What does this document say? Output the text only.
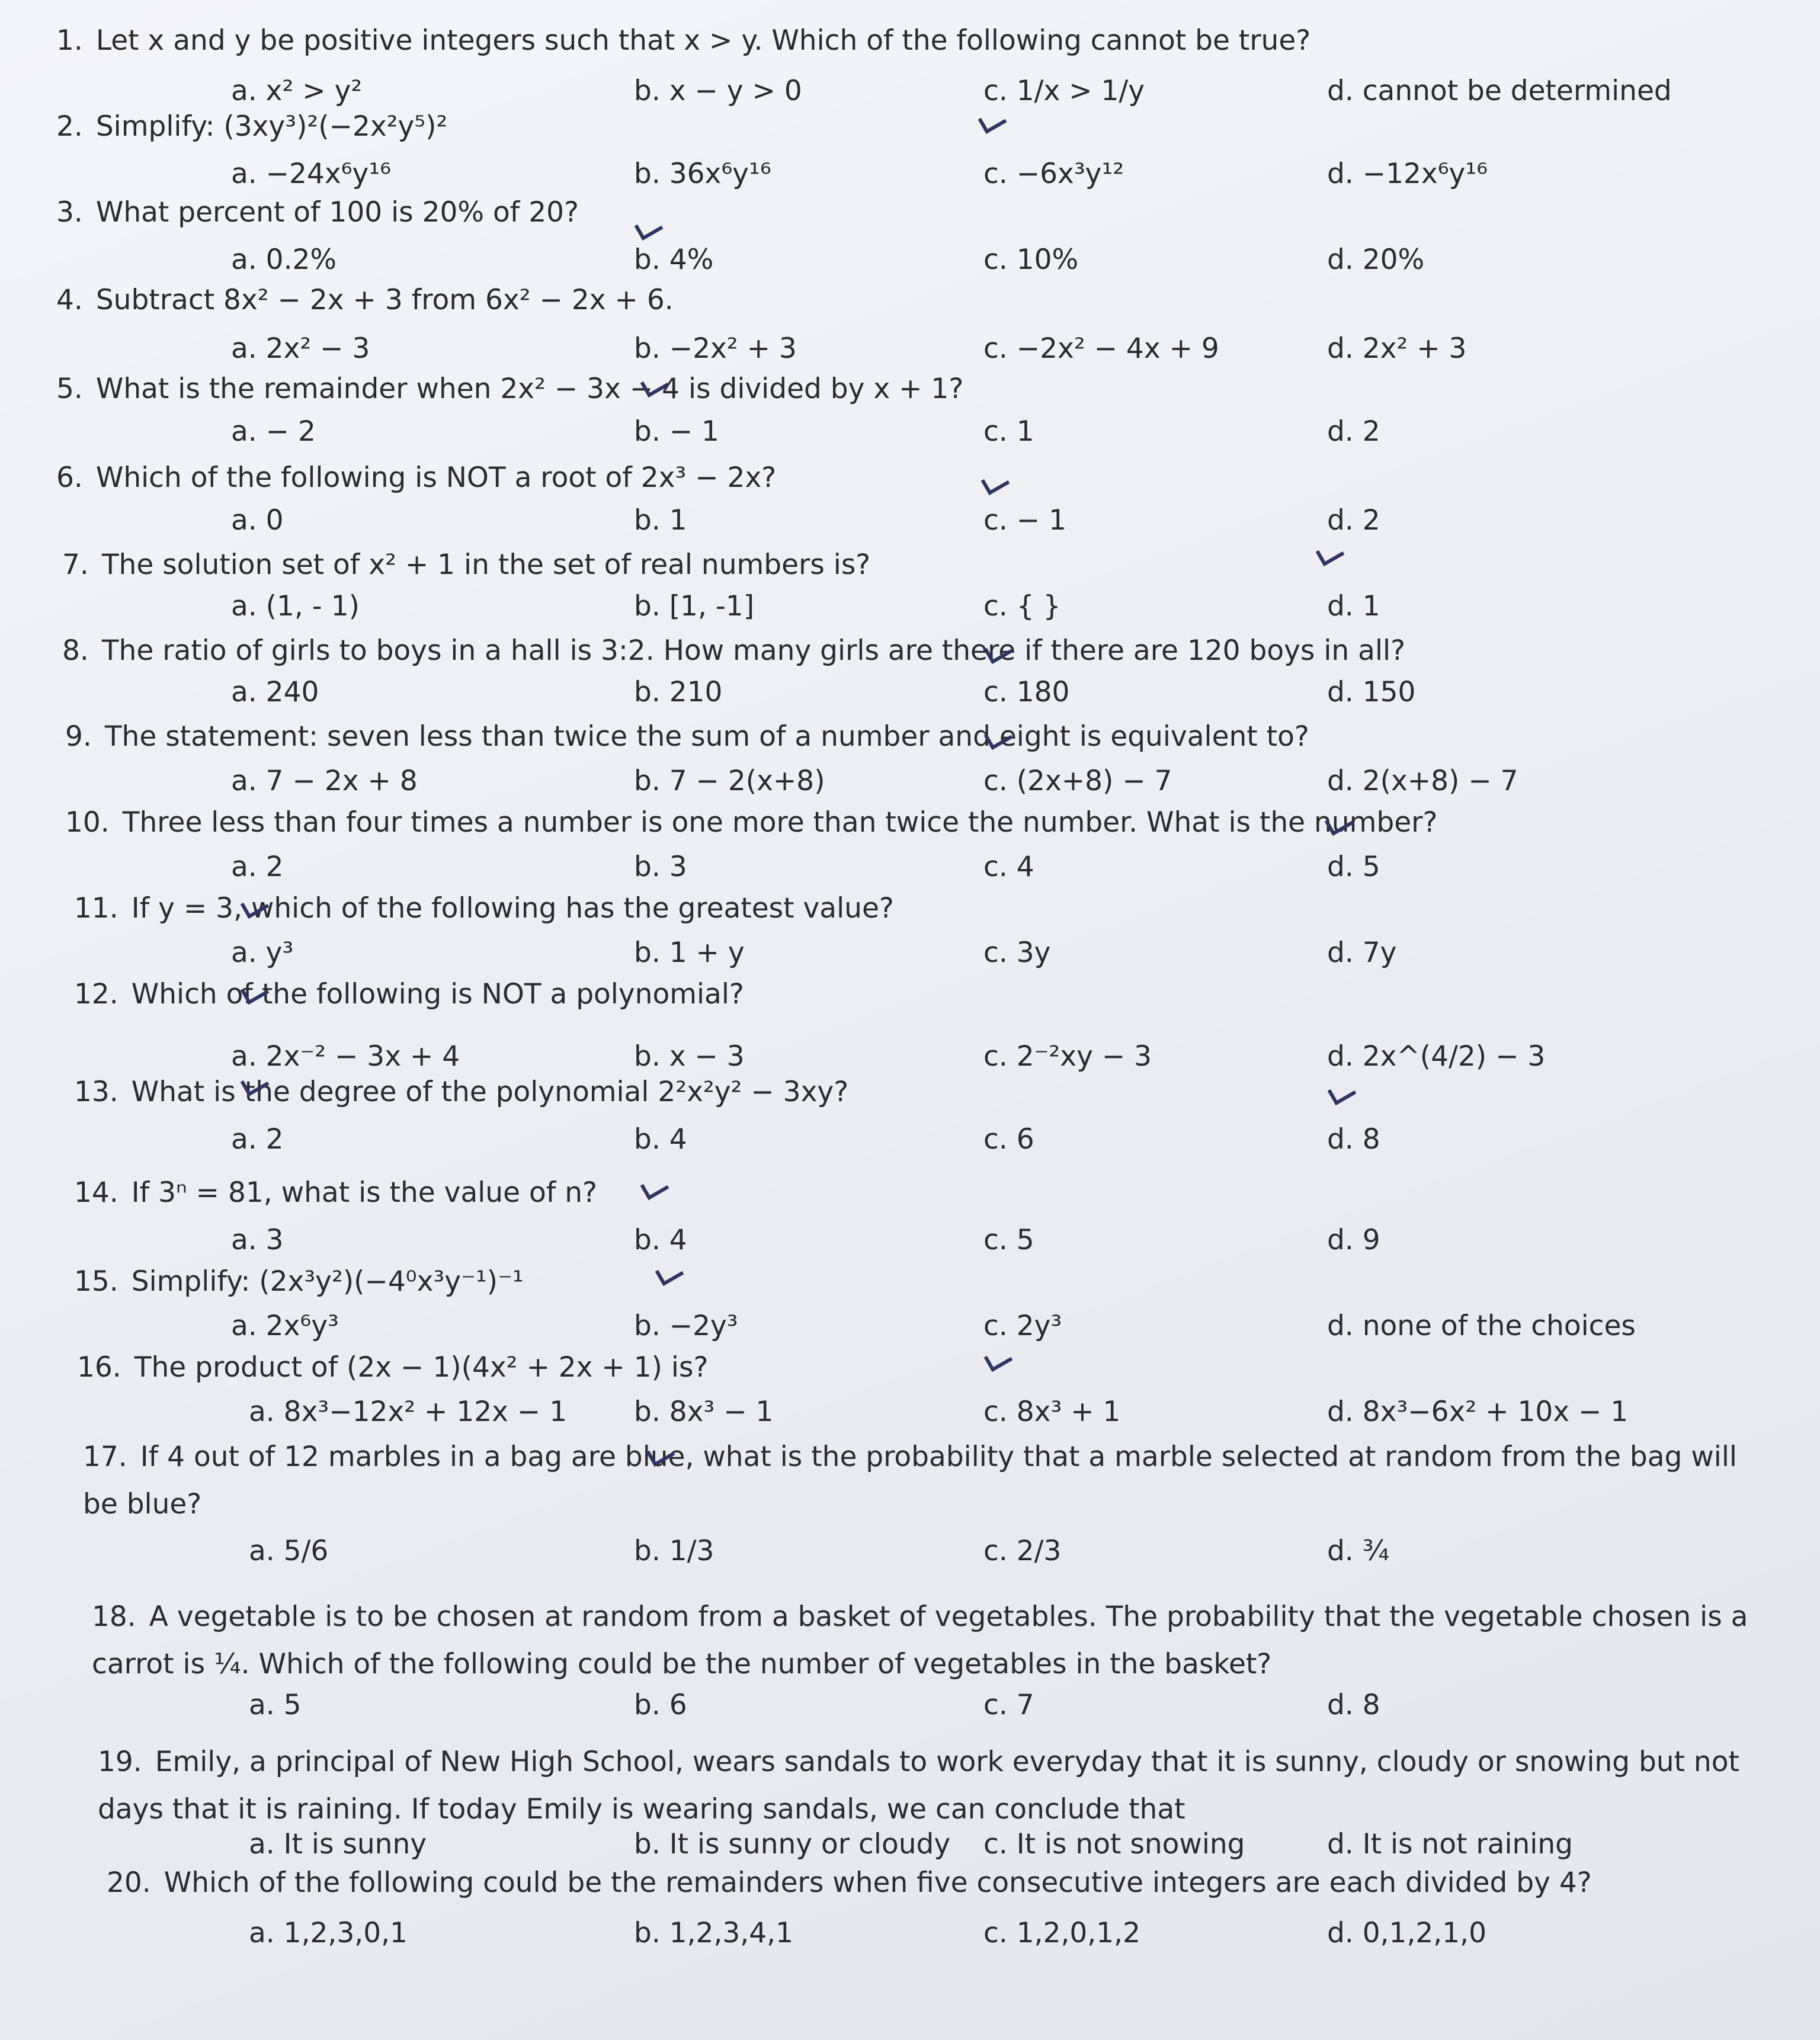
1. Let x and y be positive integers such that x > y. Which of the following cannot be true?
a. x² > y²	b. x − y > 0	c. 1/x > 1/y	d. cannot be determined
2. Simplify: (3xy³)²(−2x²y⁵)²
a. −24x⁶y¹⁶	b. 36x⁶y¹⁶	c. −6x³y¹²	d. −12x⁶y¹⁶
3. What percent of 100 is 20% of 20?
a. 0.2%	b. 4%	c. 10%	d. 20%
4. Subtract 8x² − 2x + 3 from 6x² − 2x + 6.
a. 2x² − 3	b. −2x² + 3	c. −2x² − 4x + 9	d. 2x² + 3
5. What is the remainder when 2x² − 3x − 4 is divided by x + 1?
a. − 2	b. − 1	c. 1	d. 2
6. Which of the following is NOT a root of 2x³ − 2x?
a. 0	b. 1	c. − 1	d. 2
7. The solution set of x² + 1 in the set of real numbers is?
a. (1, - 1)	b. [1, -1]	c. { }	d. 1
8. The ratio of girls to boys in a hall is 3:2. How many girls are there if there are 120 boys in all?
a. 240	b. 210	c. 180	d. 150
9. The statement: seven less than twice the sum of a number and eight is equivalent to?
a. 7 − 2x + 8	b. 7 − 2(x+8)	c. (2x+8) − 7	d. 2(x+8) − 7
10. Three less than four times a number is one more than twice the number. What is the number?
a. 2	b. 3	c. 4	d. 5
11. If y = 3, which of the following has the greatest value?
a. y³	b. 1 + y	c. 3y	d. 7y
12. Which of the following is NOT a polynomial?
a. 2x⁻² − 3x + 4	b. x − 3	c. 2⁻²xy − 3	d. 2x^(4/2) − 3
13. What is the degree of the polynomial 2²x²y² − 3xy?
a. 2	b. 4	c. 6	d. 8
14. If 3ⁿ = 81, what is the value of n?
a. 3	b. 4	c. 5	d. 9
15. Simplify: (2x³y²)(−4⁰x³y⁻¹)⁻¹
a. 2x⁶y³	b. −2y³	c. 2y³	d. none of the choices
16. The product of (2x − 1)(4x² + 2x + 1) is?
a. 8x³−12x² + 12x − 1 b. 8x³ − 1	c. 8x³ + 1	d. 8x³−6x² + 10x − 1
17. If 4 out of 12 marbles in a bag are blue, what is the probability that a marble selected at random from the bag will be blue?
a. 5/6	b. 1/3	c. 2/3	d. ¾
18. A vegetable is to be chosen at random from a basket of vegetables. The probability that the vegetable chosen is a carrot is ¼. Which of the following could be the number of vegetables in the basket?
a. 5	b. 6	c. 7	d. 8
19. Emily, a principal of New High School, wears sandals to work everyday that it is sunny, cloudy or snowing but not days that it is raining. If today Emily is wearing sandals, we can conclude that
a. It is sunny	b. It is sunny or cloudy c. It is not snowing	d. It is not raining
20. Which of the following could be the remainders when five consecutive integers are each divided by 4?
a. 1,2,3,0,1	b. 1,2,3,4,1	c. 1,2,0,1,2	d. 0,1,2,1,0
